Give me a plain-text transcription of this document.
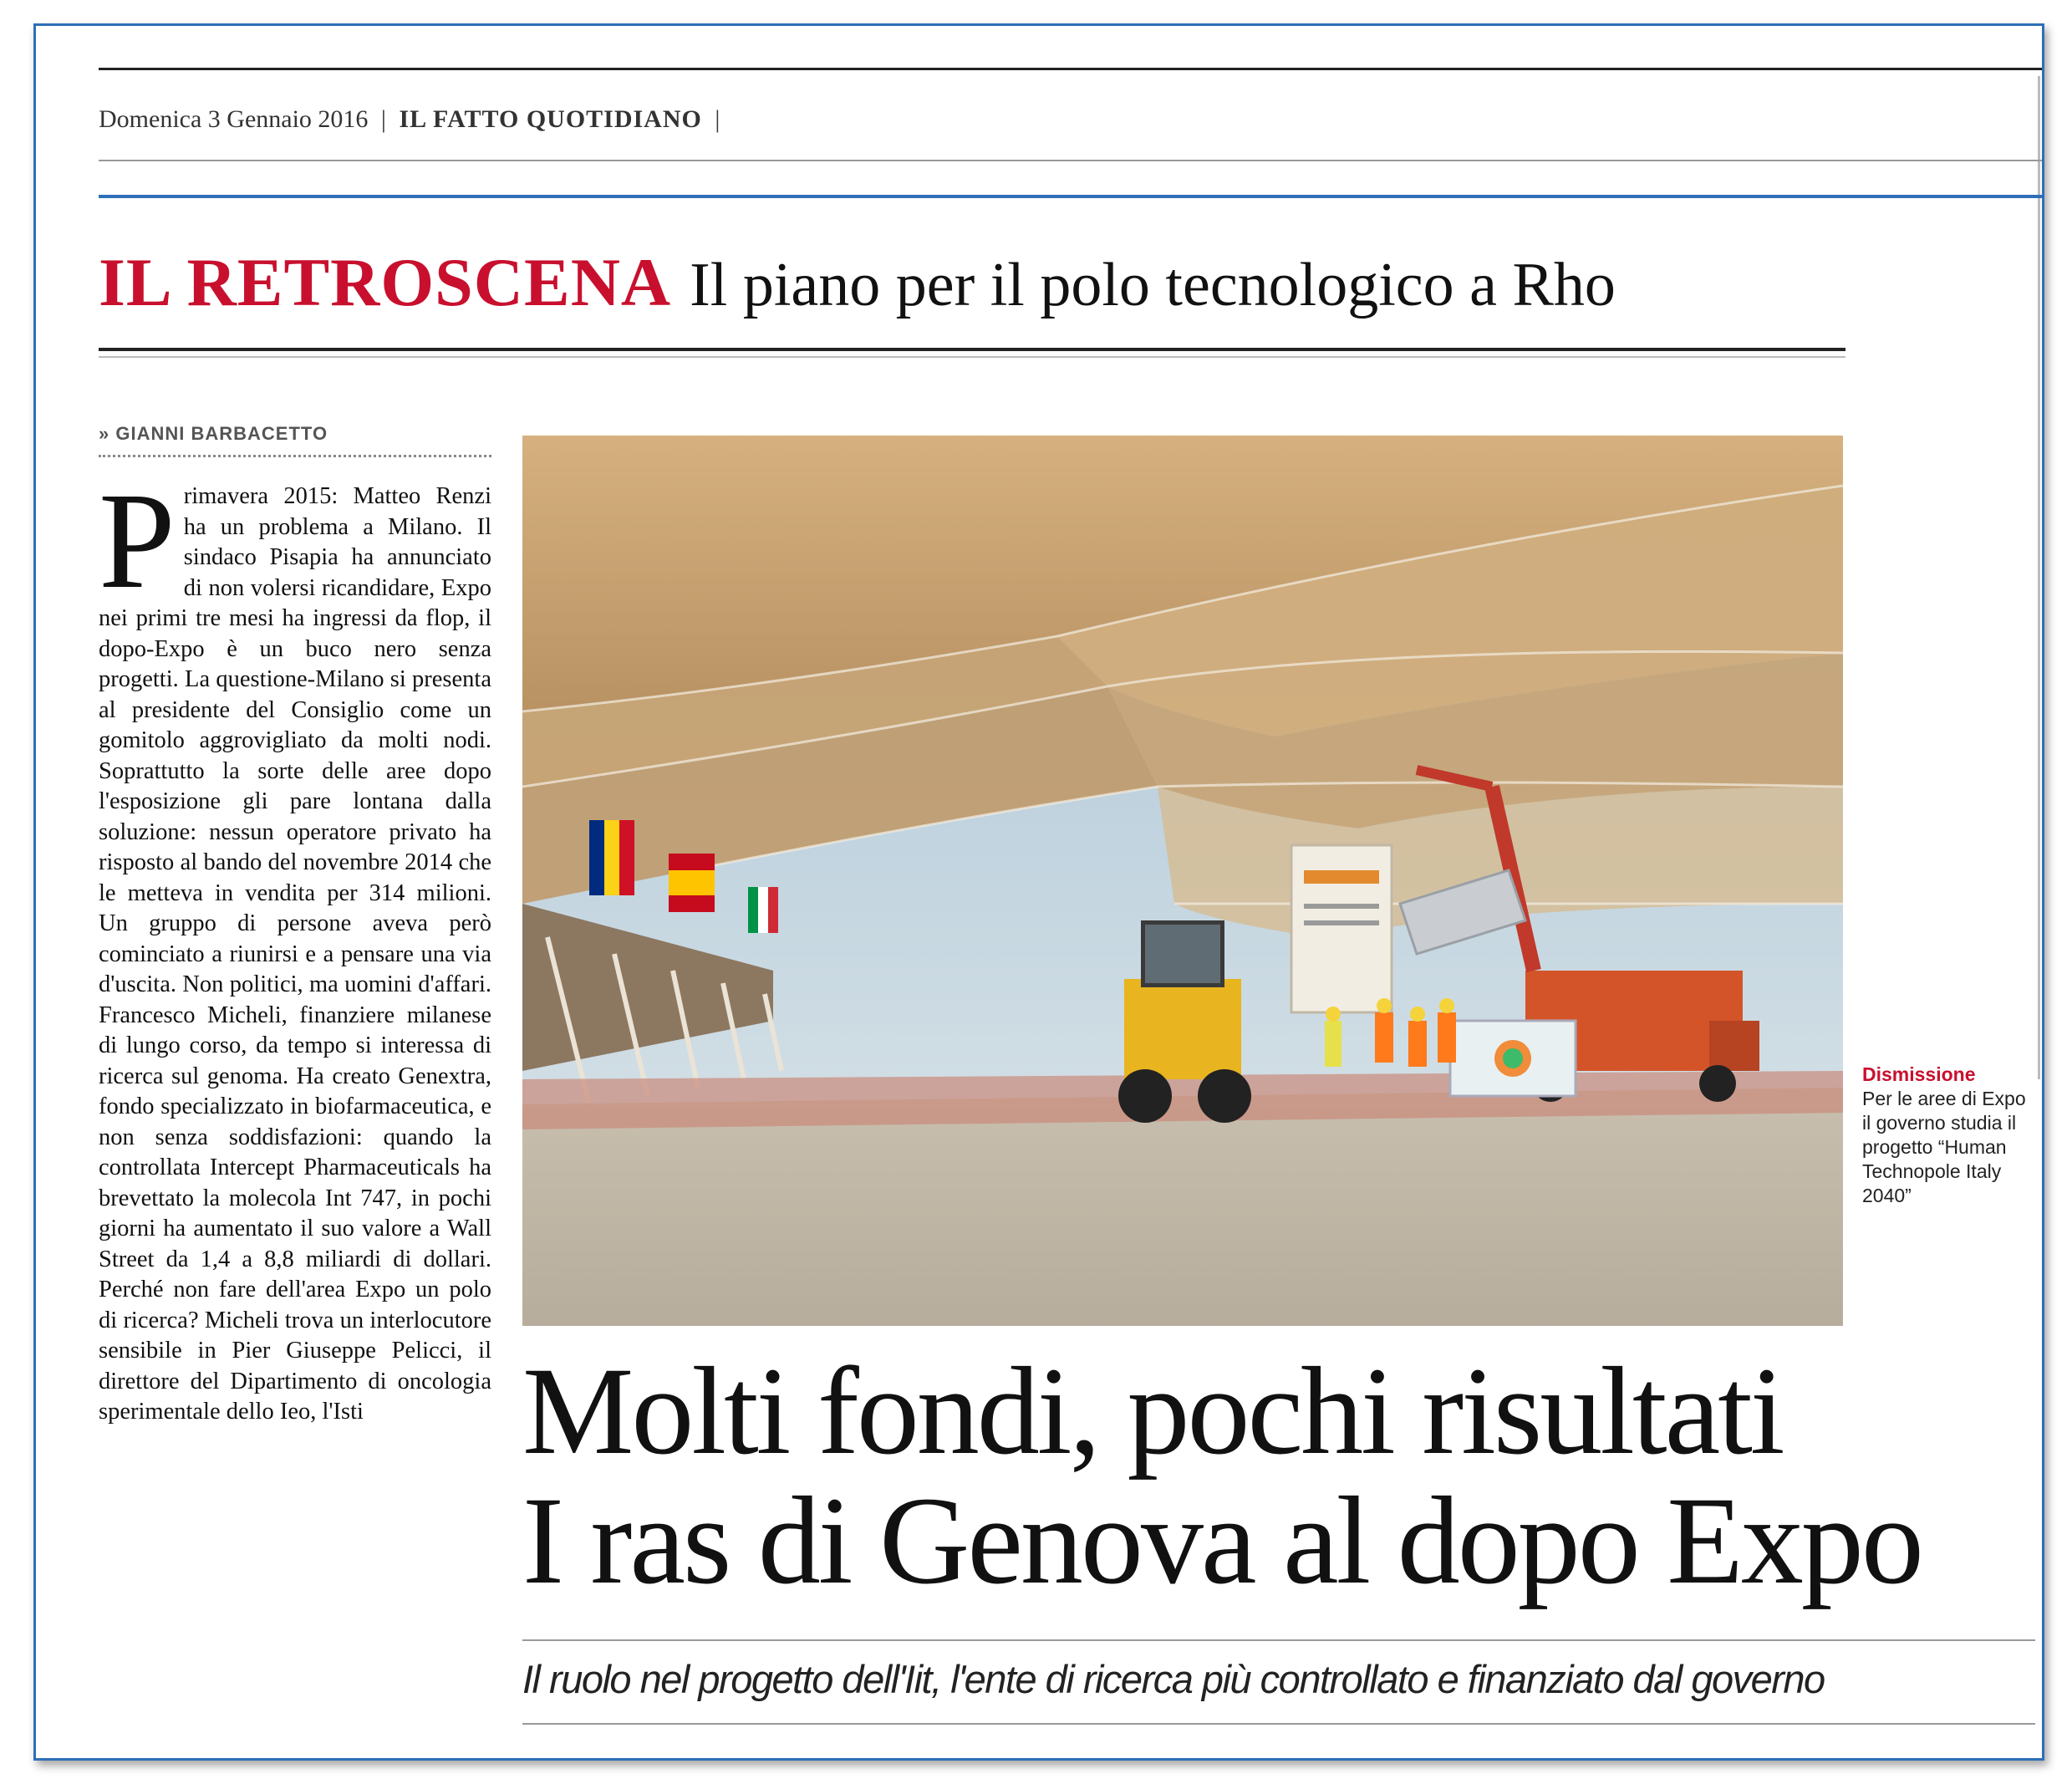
Domenica 3 Gennaio 2016 | IL FATTO QUOTIDIANO |
IL RETROSCENA Il piano per il polo tecnologico a Rho
» GIANNI BARBACETTO

Primavera 2015: Matteo Renzi ha un problema a Milano. Il sindaco Pisapia ha annunciato di non volersi ricandidare, Expo nei primi tre mesi ha ingressi da flop, il dopo-Expo è un buco nero senza progetti. La questione-Milano si presenta al presidente del Consiglio come un gomitolo aggrovigliato da molti nodi. Soprattutto la sorte delle aree dopo l'esposizione gli pare lontana dalla soluzione: nessun operatore privato ha risposto al bando del novembre 2014 che le metteva in vendita per 314 milioni. Un gruppo di persone aveva però cominciato a riunirsi e a pensare una via d'uscita. Non politici, ma uomini d'affari. Francesco Micheli, finanziere milanese di lungo corso, da tempo si interessa di ricerca sul genoma. Ha creato Genextra, fondo specializzato in biofarmaceutica, e non senza soddisfazioni: quando la controllata Intercept Pharmaceuticals ha brevettato la molecola Int 747, in pochi giorni ha aumentato il suo valore a Wall Street da 1,4 a 8,8 miliardi di dollari. Perché non fare dell'area Expo un polo di ricerca? Micheli trova un interlocutore sensibile in Pier Giuseppe Pelicci, il direttore del Dipartimento di oncologia sperimentale dello Ieo, l'Isti

Dismissione
Per le aree di Expo il governo studia il progetto “Human Technopole Italy 2040”
Molti fondi, pochi risultati
I ras di Genova al dopo Expo
Il ruolo nel progetto dell'Iit, l'ente di ricerca più controllato e finanziato dal governo
